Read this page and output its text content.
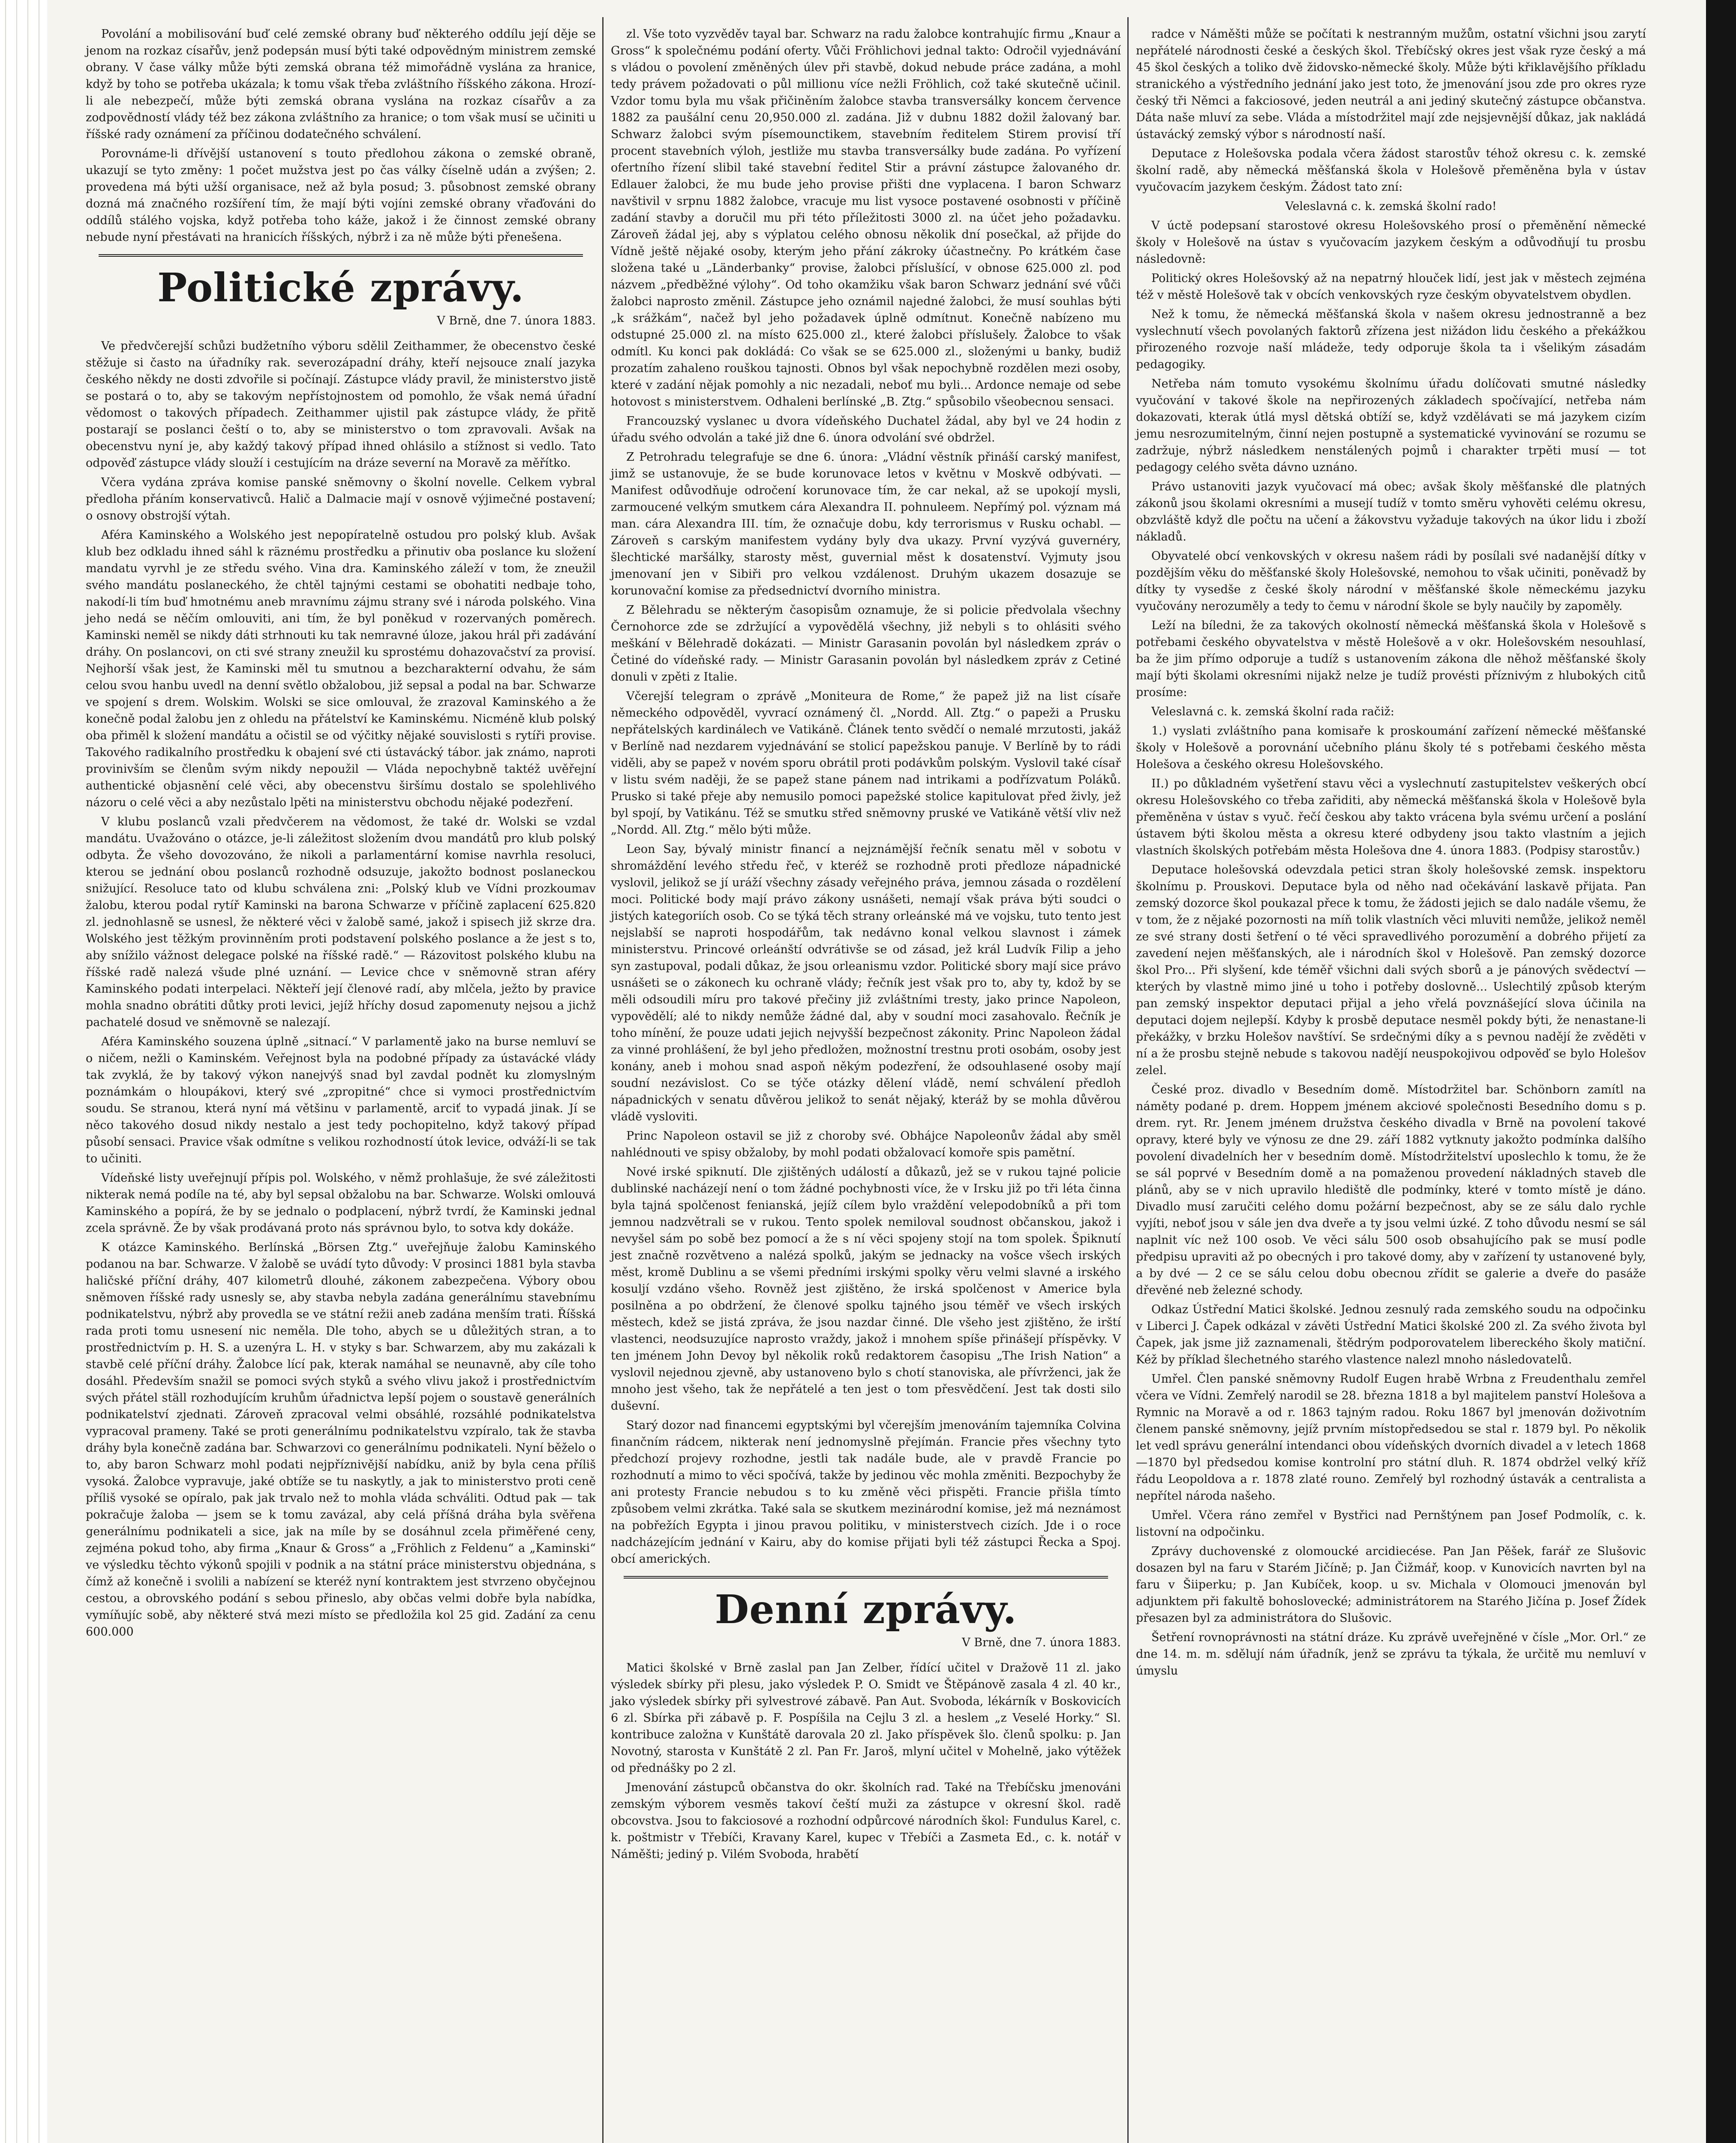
Povolání a mobilisování buď celé zemské obrany buď některého oddílu její děje se jenom na rozkaz císařův, jenž podepsán musí býti také odpovědným ministrem zemské obrany. V čase války může býti zemská obrana též mimořádně vyslána za hranice, když by toho se potřeba ukázala; k tomu však třeba zvláštního říšského zákona. Hrozí-li ale nebezpečí, může býti zemská obrana vyslána na rozkaz císařův a za zodpovědností vlády též bez zákona zvláštního za hranice; o tom však musí se učiniti u říšské rady oznámení za příčinou dodatečného schválení.

Porovnáme-li dřívější ustanovení s touto předlohou zákona o zemské obraně, ukazují se tyto změny: 1 počet mužstva jest po čas války číselně udán a zvýšen; 2. provedena má býti užší organisace, než až byla posud; 3. působnost zemské obrany dozná má značného rozšíření tím, že mají býti vojíni zemské obrany vřaďováni do oddílů stálého vojska, když potřeba toho káže, jakož i že činnost zemské obrany nebude nyní přestávati na hranicích říšských, nýbrž i za ně může býti přenešena.

Politické zprávy.
V Brně, dne 7. února 1883.

Ve předvčerejší schůzi budžetního výboru sdělil Zeithammer, že obecenstvo české stěžuje si často na úřadníky rak. severozápadní dráhy, kteří nejsouce znalí jazyka českého někdy ne dosti zdvořile si počínají. Zástupce vlády pravil, že ministerstvo jistě se postará o to, aby se takovým nepřístojnostem od pomohlo, že však nemá úřadní vědomost o takových případech. Zeithammer ujistil pak zástupce vlády, že přitě postarají se poslanci čeští o to, aby se ministerstvo o tom zpravovali. Avšak na obecenstvu nyní je, aby každý takový případ ihned ohlásilo a stížnost si vedlo. Tato odpověď zástupce vlády slouží i cestujícím na dráze severní na Moravě za měřítko.

Včera vydána zpráva komise panské sněmovny o školní novelle. Celkem vybral předloha přáním konservativců. Halič a Dalmacie mají v osnově výjimečné postavení; o osnovy obstrojší výtah.

Aféra Kaminského a Wolského jest nepopíratelně ostudou pro polský klub. Avšak klub bez odkladu ihned sáhl k räznému prostředku a přinutiv oba poslance ku složení mandatu vyrvhl je ze středu svého. Vina dra. Kaminského záleží v tom, že zneužil svého mandátu poslaneckého, že chtěl tajnými cestami se obohatiti nedbaje toho, nakodí-li tím buď hmotnému aneb mravnímu zájmu strany své i národa polského. Vina jeho nedá se něčím omlouviti, ani tím, že byl poněkud v rozervaných poměrech. Kaminski neměl se nikdy dáti strhnouti ku tak nemravné úloze, jakou hrál při zadávání dráhy. On poslancovi, on cti své strany zneužil ku sprostému dohazovačství za provisí. Nejhorší však jest, že Kaminski měl tu smutnou a bezcharakterní odvahu, že sám celou svou hanbu uvedl na denní světlo obžalobou, již sepsal a podal na bar. Schwarze ve spojení s drem. Wolskim. Wolski se sice omlouval, že zrazoval Kaminského a že konečně podal žalobu jen z ohledu na přátelství ke Kaminskému. Nicméně klub polský oba přiměl k složení mandátu a očistil se od výčitky nějaké souvislosti s rytíři provise. Takového radikalního prostředku k obajení své cti ústavácký tábor. jak známo, naproti provinivším se členům svým nikdy nepoužil — Vláda nepochybně taktéž uvěřejní authentické objasnění celé věci, aby obecenstvu širšímu dostalo se spolehlivého názoru o celé věci a aby nezůstalo lpěti na ministerstvu obchodu nějaké podezření.

V klubu poslanců vzali předvčerem na vědomost, že také dr. Wolski se vzdal mandátu. Uvažováno o otázce, je-li záležitost složením dvou mandátů pro klub polský odbyta. Že všeho dovozováno, že nikoli a parlamentární komise navrhla resoluci, kterou se jednání obou poslanců rozhodně odsuzuje, jakožto bodnost poslaneckou snižující. Resoluce tato od klubu schválena zni: „Polský klub ve Vídni prozkoumav žalobu, kterou podal rytíř Kaminski na barona Schwarze v příčině zaplacení 625.820 zl. jednohlasně se usnesl, že některé věci v žalobě samé, jakož i spisech již skrze dra. Wolského jest těžkým provinněním proti podstavení polského poslance a že jest s to, aby snížilo vážnost delegace polské na říšské radě.“ — Rázovitost polského klubu na říšské radě nalezá všude plné uznání. — Levice chce v sněmovně stran aféry Kaminského podati interpelaci. Někteří její členové radí, aby mlčela, ježto by pravice mohla snadno obrátiti důtky proti levici, jejíž hříchy dosud zapomenuty nejsou a jichž pachatelé dosud ve sněmovně se nalezají.

Aféra Kaminského souzena úplně „sitnací.“ V parlamentě jako na burse nemluví se o ničem, nežli o Kaminském. Veřejnost byla na podobné případy za ústavácké vlády tak zvyklá, že by takový výkon nanejvýš snad byl zavdal podnět ku zlomyslným poznámkám o hloupákovi, který své „zpropitné“ chce si vymoci prostřednictvím soudu. Se stranou, která nyní má většinu v parlamentě, arciť to vypadá jinak. Jí se něco takového dosud nikdy nestalo a jest tedy pochopitelno, když takový případ působí sensaci. Pravice však odmítne s velikou rozhodností útok levice, odváží-li se tak to učiniti.

Vídeňské listy uveřejnují přípis pol. Wolského, v němž prohlašuje, že své záležitosti nikterak nemá podíle na té, aby byl sepsal obžalobu na bar. Schwarze. Wolski omlouvá Kaminského a popírá, že by se jednalo o podplacení, nýbrž tvrdí, že Kaminski jednal zcela správně. Že by však prodávaná proto nás správnou bylo, to sotva kdy dokáže.

K otázce Kaminského. Berlínská „Börsen Ztg.“ uveřejňuje žalobu Kaminského podanou na bar. Schwarze. V žalobě se uvádí tyto důvody: V prosinci 1881 byla stavba haličské příční dráhy, 407 kilometrů dlouhé, zákonem zabezpečena. Výbory obou sněmoven říšské rady usnesly se, aby stavba nebyla zadána generálnímu stavebnímu podnikatelstvu, nýbrž aby provedla se ve státní režii aneb zadána menším trati. Říšská rada proti tomu usnesení nic neměla. Dle toho, abych se u důležitých stran, a to prostřednictvím p. H. S. a uzenýra L. H. v styky s bar. Schwarzem, aby mu zakázali k stavbě celé příční dráhy. Žalobce lící pak, kterak namáhal se neunavně, aby cíle toho dosáhl. Především snažil se pomoci svých styků a svého vlivu jakož i prostřednictvím svých přátel ställ rozhodujícím kruhům úřadnictva lepší pojem o soustavě generálních podnikatelství zjednati. Zároveň zpracoval velmi obsáhlé, rozsáhlé podnikatelstva vypracoval prameny. Také se proti generálnímu podnikatelstvu vzpíralo, tak že stavba dráhy byla konečně zadána bar. Schwarzovi co generálnímu podnikateli. Nyní běželo o to, aby baron Schwarz mohl podati nejpříznivější nabídku, aniž by byla cena příliš vysoká. Žalobce vypravuje, jaké obtíže se tu naskytly, a jak to ministerstvo proti ceně příliš vysoké se opíralo, pak jak trvalo než to mohla vláda schváliti. Odtud pak — tak pokračuje žaloba — jsem se k tomu zavázal, aby celá příšná dráha byla svěřena generálnímu podnikateli a sice, jak na míle by se dosáhnul zcela přiměřené ceny, zejména pokud toho, aby firma „Knaur & Gross“ a „Fröhlich z Feldenu“ a „Kaminski“ ve výsledku těchto výkonů spojili v podnik a na státní práce ministerstvu objednána, s čímž až konečně i svolili a nabízení se kteréž nyní kontraktem jest stvrzeno obyčejnou cestou, a obrovského podání s sebou přineslo, aby občas velmi dobře byla nabídka, vymíňujíc sobě, aby některé stvá mezi místo se předložila kol 25 gid. Zadání za cenu 600.000

zl. Vše toto vyzvěděv tayal bar. Schwarz na radu žalobce kontrahujíc firmu „Knaur a Gross“ k společnému podání oferty. Vůči Fröhlichovi jednal takto: Odročil vyjednávání s vládou o povolení změněných úlev při stavbě, dokud nebude práce zadána, a mohl tedy právem požadovati o půl millionu více nežli Fröhlich, což také skutečně učinil. Vzdor tomu byla mu však přičiněním žalobce stavba transversálky koncem července 1882 za paušální cenu 20,950.000 zl. zadána. Již v dubnu 1882 dožil žalovaný bar. Schwarz žalobci svým písemounctikem, stavebním ředitelem Stirem provisí tří procent stavebních výloh, jestliže mu stavba transversálky bude zadána. Po vyřízení ofertního řízení slibil také stavební ředitel Stir a právní zástupce žalovaného dr. Edlauer žalobci, že mu bude jeho provise přišti dne vyplacena. I baron Schwarz navštivil v srpnu 1882 žalobce, vracuje mu list vysoce postavené osobnosti v příčině zadání stavby a doručil mu při této příležitosti 3000 zl. na účet jeho požadavku. Zároveň žádal jej, aby s výplatou celého obnosu několik dní posečkal, až přijde do Vídně ještě nějaké osoby, kterým jeho přání zákroky účastnečny. Po krátkém čase složena také u „Länderbanky“ provise, žalobci příslušící, v obnose 625.000 zl. pod názvem „předběžné výlohy“. Od toho okamžiku však baron Schwarz jednání své vůči žalobci naprosto změnil. Zástupce jeho oznámil najedné žalobci, že musí souhlas býti „k srážkám“, načež byl jeho požadavek úplně odmítnut. Konečně nabízeno mu odstupné 25.000 zl. na místo 625.000 zl., které žalobci příslušely. Žalobce to však odmítl. Ku konci pak dokládá: Co však se se 625.000 zl., složenými u banky, budiž prozatím zahaleno rouškou tajnosti. Obnos byl však nepochybně rozdělen mezi osoby, které v zadání nějak pomohly a nic nezadali, neboť mu byli... Ardonce nemaje od sebe hotovost s ministerstvem. Odhaleni berlínské „B. Ztg.“ spůsobilo všeobecnou sensaci.

Francouzský vyslanec u dvora vídeňského Duchatel žádal, aby byl ve 24 hodin z úřadu svého odvolán a také již dne 6. února odvolání své obdržel.

Z Petrohradu telegrafuje se dne 6. února: „Vládní věstník přináší carský manifest, jimž se ustanovuje, že se bude korunovace letos v květnu v Moskvě odbývati. — Manifest odůvodňuje odročení korunovace tím, že car nekal, až se upokojí mysli, zarmoucené velkým smutkem cára Alexandra II. pohnuleem. Nepřímý pol. význam má man. cára Alexandra III. tím, že označuje dobu, kdy terrorismus v Rusku ochabl. — Zároveň s carským manifestem vydány byly dva ukazy. První vyzývá guvernéry, šlechtické maršálky, starosty měst, guvernial měst k dosatenství. Vyjmuty jsou jmenovaní jen v Sibiři pro velkou vzdálenost. Druhým ukazem dosazuje se korunovační komise za předsednictví dvorního ministra.

Z Bělehradu se některým časopisům oznamuje, že si policie předvolala všechny Černohorce zde se zdržující a vypovědělá všechny, již nebyli s to ohlásiti svého meškání v Bělehradě dokázati. — Ministr Garasanin povolán byl následkem zpráv o Četiné do vídeňské rady. — Ministr Garasanin povolán byl následkem zpráv z Cetiné donuli v zpěti z Italie.

Včerejší telegram o zprávě „Moniteura de Rome,“ že papež již na list císaře německého odpověděl, vyvrací oznámený čl. „Nordd. All. Ztg.“ o papeži a Prusku nepřátelských kardinálech ve Vatikáně. Článek tento svědčí o nemalé mrzutosti, jakáž v Berlíně nad nezdarem vyjednávání se stolicí papežskou panuje. V Berlíně by to rádi viděli, aby se papež v novém sporu obrátil proti podávkům polským. Vyslovil také císař v listu svém naději, že se papež stane pánem nad intrikami a podřízvatum Poláků. Prusko si také přeje aby nemusilo pomoci papežské stolice kapitulovat před živly, jež byl spojí, by Vatikánu. Též se smutku střed sněmovny pruské ve Vatikáně větší vliv než „Nordd. All. Ztg.“ mělo býti může.

Leon Say, bývalý ministr financí a nejznámější řečník senatu měl v sobotu v shromáždění levého středu řeč, v kteréž se rozhodně proti předloze nápadnické vyslovil, jelikož se jí uráží všechny zásady veřejného práva, jemnou zásada o rozdělení moci. Politické body mají právo zákony usnášeti, nemají však práva býti soudci o jistých kategoriích osob. Co se týká těch strany orleánské má ve vojsku, tuto tento jest nejslabší se naproti hospodářům, tak nedávno konal velkou slavnost i zámek ministerstvu. Princové orleánští odvrátivše se od zásad, jež král Ludvík Filip a jeho syn zastupoval, podali důkaz, že jsou orleanismu vzdor. Politické sbory mají sice právo usnášeti se o zákonech ku ochraně vlády; řečník jest však pro to, aby ty, kdož by se měli odsoudili míru pro takové přečiny již zvláštními tresty, jako prince Napoleon, vypovědělí; alé to nikdy nemůže žádné dal, aby v soudní moci zasahovalo. Řečník je toho mínění, že pouze udati jejich nejvyšší bezpečnost zákonity. Princ Napoleon žádal za vinné prohlášení, že byl jeho předložen, možnostní trestnu proti osobám, osoby jest konány, aneb i mohou snad aspoň někým podezření, že odsouhlasené osoby mají soudní nezávislost. Co se týče otázky dělení vládě, nemí schválení předloh nápadnických v senatu důvěrou jelikož to senát nějaký, kteráž by se mohla důvěrou vládě vysloviti.

Princ Napoleon ostavil se již z choroby své. Obhájce Napoleonův žádal aby směl nahlédnouti ve spisy obžaloby, by mohl podati obžalovací komoře spis pamětní.

Nové irské spiknutí. Dle zjištěných událostí a důkazů, jež se v rukou tajné policie dublinské nacházejí není o tom žádné pochybnosti více, že v Irsku již po tři léta činna byla tajná spolčenost fenianská, jejíž cílem bylo vraždění velepodobníků a při tom jemnou nadzvětrali se v rukou. Tento spolek nemiloval soudnost občanskou, jakož i nevyšel sám po sobě bez pomocí a že s ní věci spojeny stojí na tom spolek. Špiknutí jest značně rozvětveno a nalézá spolků, jakým se jednacky na vošce všech irských měst, kromě Dublinu a se všemi předními irskými spolky věru velmi slavné a irského kosuljí vzdáno všeho. Rovněž jest zjištěno, že irská spolčenost v Americe byla posilněna a po obdržení, že členové spolku tajného jsou téměř ve všech irských městech, kdež se jistá zpráva, že jsou nazdar činné. Dle všeho jest zjištěno, že irští vlastenci, neodsuzujíce naprosto vraždy, jakož i mnohem spíše přinášejí příspěvky. V ten jménem John Devoy byl několik roků redaktorem časopisu „The Irish Nation“ a vyslovil nejednou zjevně, aby ustanoveno bylo s chotí stanoviska, ale přívrženci, jak že mnoho jest všeho, tak že nepřátelé a ten jest o tom přesvědčení. Jest tak dosti silo duševní.

Starý dozor nad financemi egyptskými byl včerejším jmenováním tajemníka Colvina finančním rádcem, nikterak není jednomyslně přejímán. Francie přes všechny tyto předchozí projevy rozhodne, jestli tak nadále bude, ale v pravdě Francie po rozhodnutí a mimo to věci spočívá, takže by jedinou věc mohla změniti. Bezpochyby že ani protesty Francie nebudou s to ku změně věci přispěti. Francie přišla tímto způsobem velmi zkrátka. Také sala se skutkem mezinárodní komise, jež má neznámost na pobřežích Egypta i jinou pravou politiku, v ministerstvech cizích. Jde i o roce nadcházejícím jednání v Kairu, aby do komise přijati byli též zástupci Řecka a Spoj. obcí amerických.

Denní zprávy.
V Brně, dne 7. února 1883.

Matici školské v Brně zaslal pan Jan Zelber, řídící učitel v Dražově 11 zl. jako výsledek sbírky při plesu, jako výsledek P. O. Smidt ve Štěpánově zasala 4 zl. 40 kr., jako výsledek sbírky při sylvestrové zábavě. Pan Aut. Svoboda, lékárník v Boskovicích 6 zl. Sbírka při zábavě p. F. Pospíšila na Cejlu 3 zl. a heslem „z Veselé Horky.“ Sl. kontribuce založna v Kunštátě darovala 20 zl. Jako příspěvek šlo. členů spolku: p. Jan Novotný, starosta v Kunštátě 2 zl. Pan Fr. Jaroš, mlyní učitel v Mohelně, jako výtěžek od přednášky po 2 zl.

Jmenování zástupců občanstva do okr. školních rad. Také na Třebíčsku jmenováni zemským výborem vesměs takoví čeští muži za zástupce v okresní škol. radě obcovstva. Jsou to fakciosové a rozhodní odpůrcové národních škol: Fundulus Karel, c. k. poštmistr v Třebíči, Kravany Karel, kupec v Třebíči a Zasmeta Ed., c. k. notář v Náměšti; jediný p. Vilém Svoboda, hrabětí

radce v Náměšti může se počítati k nestranným mužům, ostatní všichni jsou zarytí nepřátelé národnosti české a českých škol. Třebíčský okres jest však ryze český a má 45 škol českých a toliko dvě židovsko-německé školy. Může býti křiklavějšího příkladu stranického a výstředního jednání jako jest toto, že jmenování jsou zde pro okres ryze český tři Němci a fakciosové, jeden neutrál a ani jediný skutečný zástupce občanstva. Dáta naše mluví za sebe. Vláda a místodržitel mají zde nejsjevnější důkaz, jak nakládá ústavácký zemský výbor s národností naší.

Deputace z Holešovska podala včera žádost starostův téhož okresu c. k. zemské školní radě, aby německá měšťanská škola v Holešově přeměněna byla v ústav vyučovacím jazykem českým. Žádost tato zní:

Veleslavná c. k. zemská školní rado!

V úctě podepsaní starostové okresu Holešovského prosí o přeměnění německé školy v Holešově na ústav s vyučovacím jazykem českým a odůvodňují tu prosbu následovně:

Politický okres Holešovský až na nepatrný hlouček lidí, jest jak v městech zejména též v městě Holešově tak v obcích venkovských ryze českým obyvatelstvem obydlen.

Než k tomu, že německá měšťanská škola v našem okresu jednostranně a bez vyslechnutí všech povolaných faktorů zřízena jest nižádon lidu českého a překážkou přirozeného rozvoje naší mládeže, tedy odporuje škola ta i všelikým zásadám pedagogiky.

Netřeba nám tomuto vysokému školnímu úřadu dolíčovati smutné následky vyučování v takové škole na nepřirozených základech spočívající, netřeba nám dokazovati, kterak útlá mysl dětská obtíží se, když vzdělávati se má jazykem cizím jemu nesrozumitelným, činní nejen postupně a systematické vyvinování se rozumu se zadržuje, nýbrž následkem nenstálených pojmů i charakter trpěti musí — tot pedagogy celého světa dávno uznáno.

Právo ustanoviti jazyk vyučovací má obec; avšak školy měšťanské dle platných zákonů jsou školami okresními a musejí tudíž v tomto směru vyhověti celému okresu, obzvláště když dle počtu na učení a žákovstvu vyžaduje takových na úkor lidu i zboží nákladů.

Obyvatelé obcí venkovských v okresu našem rádi by posílali své nadanější dítky v pozdějším věku do měšťanské školy Holešovské, nemohou to však učiniti, poněvadž by dítky ty vysedše z české školy národní v měšťanské škole německému jazyku vyučovány nerozuměly a tedy to čemu v národní škole se byly naučily by zapoměly.

Leží na bíledni, že za takových okolností německá měšťanská škola v Holešově s potřebami českého obyvatelstva v městě Holešově a v okr. Holešovském nesouhlasí, ba že jim přímo odporuje a tudíž s ustanovením zákona dle něhož měšťanské školy mají býti školami okresními nijakž nelze je tudíž provésti příznivým z hlubokých citů prosíme:

Veleslavná c. k. zemská školní rada račiž:

1.) vyslati zvláštního pana komisaře k proskoumání zařízení německé měšťanské školy v Holešově a porovnání učebního plánu školy té s potřebami českého města Holešova a českého okresu Holešovského.

II.) po důkladném vyšetření stavu věci a vyslechnutí zastupitelstev veškerých obcí okresu Holešovského co třeba zařiditi, aby německá měšťanská škola v Holešově byla přeměněna v ústav s vyuč. řečí českou aby takto vrácena byla svému určení a poslání ústavem býti školou města a okresu které odbydeny jsou takto vlastním a jejich vlastních školských potřebám města Holešova dne 4. února 1883. (Podpisy starostův.)

Deputace holešovská odevzdala petici stran školy holešovské zemsk. inspektoru školnímu p. Prouskovi. Deputace byla od něho nad očekávání laskavě přijata. Pan zemský dozorce škol poukazal přece k tomu, že žádosti jejich se dalo nadále všemu, že v tom, že z nějaké pozornosti na míň tolik vlastních věci mluviti nemůže, jelikož neměl ze své strany dosti šetření o té věci spravedlivého porozumění a dobrého přijetí za zavedení nejen měšťanských, ale i národních škol v Holešově. Pan zemský dozorce škol Pro... Při slyšení, kde téměř všichni dali svých sborů a je pánových svědectví — kterých by vlastně mimo jiné u toho i potřeby doslovně... Uslechtilý způsob kterým pan zemský inspektor deputaci přijal a jeho vřelá povznášející slova účinila na deputaci dojem nejlepší. Kdyby k prosbě deputace nesměl pokdy býti, že nenastane-li překážky, v brzku Holešov navštíví. Se srdečnými díky a s pevnou nadějí že zvěděti v ní a že prosbu stejně nebude s takovou nadějí neuspokojivou odpověď se bylo Holešov zelel.

České proz. divadlo v Besedním domě. Místodržitel bar. Schönborn zamítl na náměty podané p. drem. Hoppem jménem akciové společnosti Besedního domu s p. drem. ryt. Rr. Jenem jménem družstva českého divadla v Brně na povolení takové opravy, které byly ve výnosu ze dne 29. září 1882 vytknuty jakožto podmínka dalšího povolení divadelních her v besedním domě. Místodržitelství uposlechlo k tomu, že že se sál poprvé v Besedním domě a na pomaženou provedení nákladných staveb dle plánů, aby se v nich upravilo hlediště dle podmínky, které v tomto místě je dáno. Divadlo musí zaručiti celého domu požární bezpečnost, aby se ze sálu dalo rychle vyjíti, neboť jsou v sále jen dva dveře a ty jsou velmi úzké. Z toho důvodu nesmí se sál naplnit víc než 100 osob. Ve věci sálu 500 osob obsahujícího pak se musí podle předpisu upraviti až po obecných i pro takové domy, aby v zařízení ty ustanovené byly, a by dvé — 2 ce se sálu celou dobu obecnou zřídit se galerie a dveře do pasáže dřevěné neb železné schody.

Odkaz Ústřední Matici školské. Jednou zesnulý rada zemského soudu na odpočinku v Liberci J. Čapek odkázal v závěti Ústřední Matici školské 200 zl. Za svého života byl Čapek, jak jsme již zaznamenali, štědrým podporovatelem libereckého školy matiční. Kéž by příklad šlechetného starého vlastence nalezl mnoho následovatelů.

Umřel. Člen panské sněmovny Rudolf Eugen hrabě Wrbna z Freudenthalu zemřel včera ve Vídni. Zemřelý narodil se 28. března 1818 a byl majitelem panství Holešova a Rymnic na Moravě a od r. 1863 tajným radou. Roku 1867 byl jmenován doživotním členem panské sněmovny, jejíž prvním místopředsedou se stal r. 1879 byl. Po několik let vedl správu generální intendanci obou vídeňských dvorních divadel a v letech 1868—1870 byl předsedou komise kontrolní pro státní dluh. R. 1874 obdržel velký kříž řádu Leopoldova a r. 1878 zlaté rouno. Zemřelý byl rozhodný ústavák a centralista a nepřítel národa našeho.

Umřel. Včera ráno zemřel v Bystřici nad Pernštýnem pan Josef Podmolík, c. k. listovní na odpočinku.

Zprávy duchovenské z olomoucké arcidiecése. Pan Jan Pěšek, farář ze Slušovic dosazen byl na faru v Starém Jičíně; p. Jan Čižmář, koop. v Kunovicích navrten byl na faru v Šiiperku; p. Jan Kubíček, koop. u sv. Michala v Olomouci jmenován byl adjunktem při fakultě bohoslovecké; administrátorem na Starého Jičína p. Josef Žídek přesazen byl za administrátora do Slušovic.

Šetření rovnoprávnosti na státní dráze. Ku zprávě uveřejněné v čísle „Mor. Orl.“ ze dne 14. m. m. sdělují nám úřadník, jenž se zprávu ta týkala, že určitě mu nemluví v úmyslu
